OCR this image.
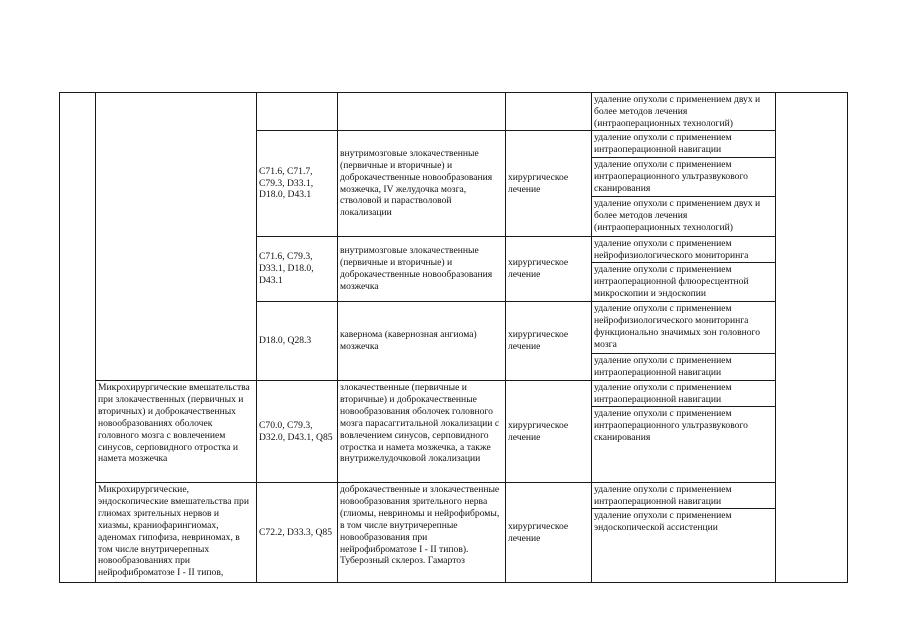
удаление опухоли с применением двух и более методов лечения (интраоперационных технологий)

C71.6, C71.7, C79.3, D33.1, D18.0, D43.1

внутримозговые злокачественные (первичные и вторичные) и доброкачественные новообразования мозжечка, IV желудочка мозга, стволовой и парастволовой локализации

хирургическое лечение

удаление опухоли с применением интраоперационной навигации

удаление опухоли с применением интраоперационного ультразвукового сканирования

удаление опухоли с применением двух и более методов лечения (интраоперационных технологий)

C71.6, C79.3, D33.1, D18.0, D43.1

внутримозговые злокачественные (первичные и вторичные) и доброкачественные новообразования мозжечка

хирургическое лечение

удаление опухоли с применением нейрофизиологического мониторинга

удаление опухоли с применением интраоперационной флюоресцентной микроскопии и эндоскопии

D18.0, Q28.3

кавернома (кавернозная ангиома) мозжечка

хирургическое лечение

удаление опухоли с применением нейрофизиологического мониторинга функционально значимых зон головного мозга

удаление опухоли с применением интраоперационной навигации

Микрохирургические вмешательства при злокачественных (первичных и вторичных) и доброкачественных новообразованиях оболочек головного мозга с вовлечением синусов, серповидного отростка и намета мозжечка

C70.0, C79.3, D32.0, D43.1, Q85

злокачественные (первичные и вторичные) и доброкачественные новообразования оболочек головного мозга парасаггитальной локализации с вовлечением синусов, серповидного отростка и намета мозжечка, а также внутрижелудочковой локализации

хирургическое лечение

удаление опухоли с применением интраоперационной навигации

удаление опухоли с применением интраоперационного ультразвукового сканирования

Микрохирургические, эндоскопические вмешательства при глиомах зрительных нервов и хиазмы, краниофарингиомах, аденомах гипофиза, невриномах, в том числе внутричерепных новообразованиях при нейрофиброматозе I - II типов,

C72.2, D33.3, Q85

доброкачественные и злокачественные новообразования зрительного нерва (глиомы, невриномы и нейрофибромы, в том числе внутричерепные новообразования при нейрофиброматозе I - II типов). Туберозный склероз. Гамартоз

хирургическое лечение

удаление опухоли с применением интраоперационной навигации

удаление опухоли с применением эндоскопической ассистенции
